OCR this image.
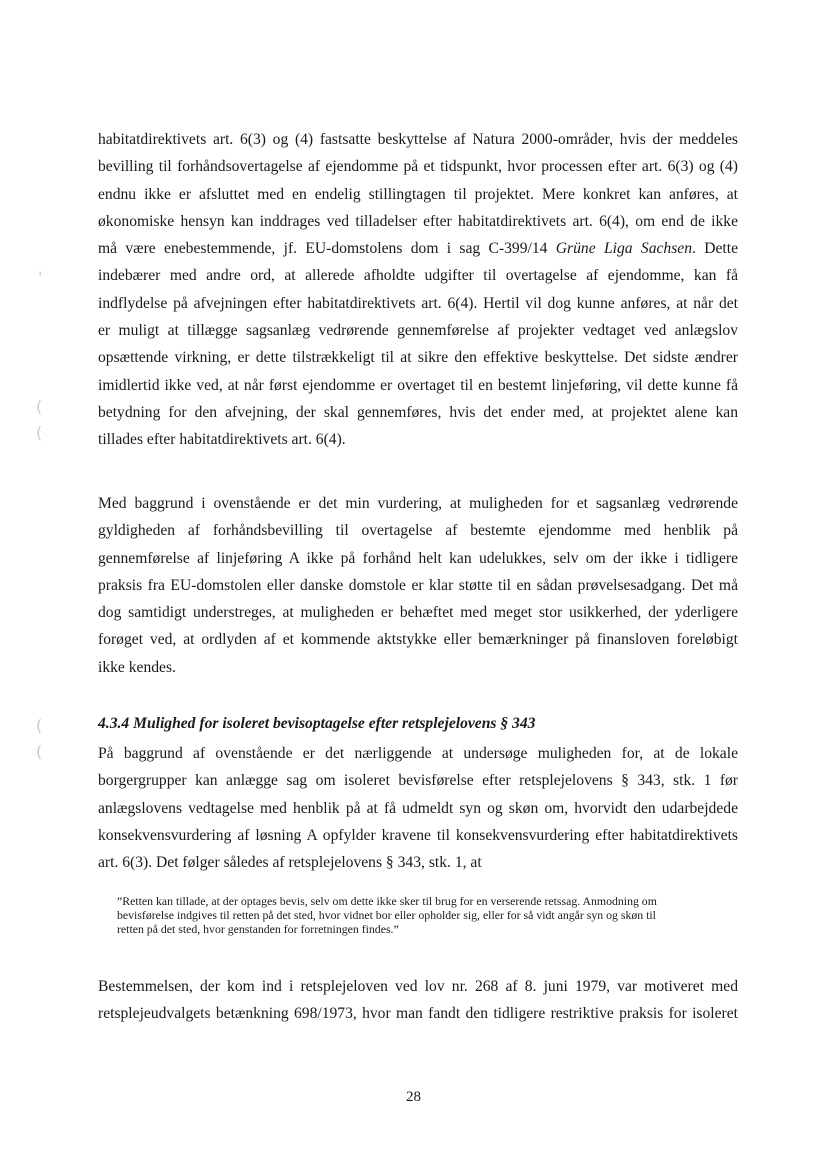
'
(
(
(
(
habitatdirektivets art. 6(3) og (4) fastsatte beskyttelse af Natura 2000-områder, hvis der meddeles
bevilling til forhåndsovertagelse af ejendomme på et tidspunkt, hvor processen efter art. 6(3) og (4)
endnu ikke er afsluttet med en endelig stillingtagen til projektet. Mere konkret kan anføres, at
økonomiske hensyn kan inddrages ved tilladelser efter habitatdirektivets art. 6(4), om end de ikke
må være enebestemmende, jf. EU-domstolens dom i sag C-399/14 Grüne Liga Sachsen. Dette
indebærer med andre ord, at allerede afholdte udgifter til overtagelse af ejendomme, kan få
indflydelse på afvejningen efter habitatdirektivets art. 6(4). Hertil vil dog kunne anføres, at når det
er muligt at tillægge sagsanlæg vedrørende gennemførelse af projekter vedtaget ved anlægslov
opsættende virkning, er dette tilstrækkeligt til at sikre den effektive beskyttelse. Det sidste ændrer
imidlertid ikke ved, at når først ejendomme er overtaget til en bestemt linjeføring, vil dette kunne få
betydning for den afvejning, der skal gennemføres, hvis det ender med, at projektet alene kan
tillades efter habitatdirektivets art. 6(4).
Med baggrund i ovenstående er det min vurdering, at muligheden for et sagsanlæg vedrørende
gyldigheden af forhåndsbevilling til overtagelse af bestemte ejendomme med henblik på
gennemførelse af linjeføring A ikke på forhånd helt kan udelukkes, selv om der ikke i tidligere
praksis fra EU-domstolen eller danske domstole er klar støtte til en sådan prøvelsesadgang. Det må
dog samtidigt understreges, at muligheden er behæftet med meget stor usikkerhed, der yderligere
forøget ved, at ordlyden af et kommende aktstykke eller bemærkninger på finansloven foreløbigt
ikke kendes.
4.3.4 Mulighed for isoleret bevisoptagelse efter retsplejelovens § 343
På baggrund af ovenstående er det nærliggende at undersøge muligheden for, at de lokale
borgergrupper kan anlægge sag om isoleret bevisførelse efter retsplejelovens § 343, stk. 1 før
anlægslovens vedtagelse med henblik på at få udmeldt syn og skøn om, hvorvidt den udarbejdede
konsekvensvurdering af løsning A opfylder kravene til konsekvensvurdering efter habitatdirektivets
art. 6(3). Det følger således af retsplejelovens § 343, stk. 1, at
”Retten kan tillade, at der optages bevis, selv om dette ikke sker til brug for en verserende retssag. Anmodning om
bevisførelse indgives til retten på det sted, hvor vidnet bor eller opholder sig, eller for så vidt angår syn og skøn til
retten på det sted, hvor genstanden for forretningen findes.”
Bestemmelsen, der kom ind i retsplejeloven ved lov nr. 268 af 8. juni 1979, var motiveret med
retsplejeudvalgets betænkning 698/1973, hvor man fandt den tidligere restriktive praksis for isoleret
28
